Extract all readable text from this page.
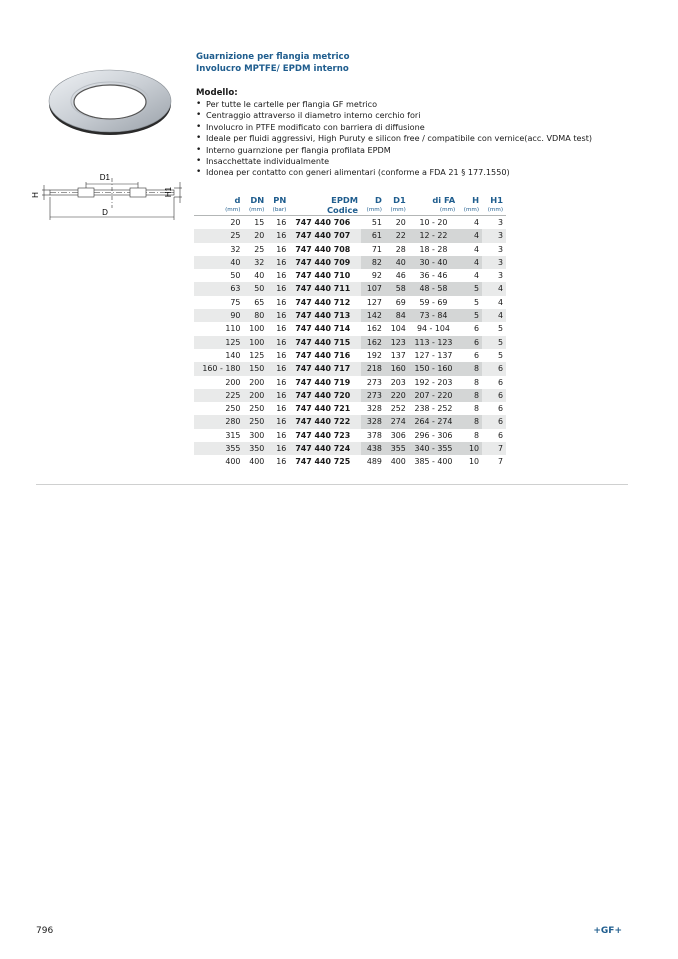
H	H1
D1
D
Guarnizione per flangia metrico
Involucro MPTFE/ EPDM interno
Modello:
• Per tutte le cartelle per flangia GF metrico
• Centraggio attraverso il diametro interno cerchio fori
• Involucro in PTFE modificato con barriera di diffusione
• Ideale per fluidi aggressivi, High Puruty e silicon free / compatibile con vernice(acc. VDMA test)
• Interno guarnzione per flangia profilata EPDM
• Insacchettate individualmente
• Idonea per contatto con generi alimentari (conforme a FDA 21 § 177.1550)
d	DN	PN	EPDM	D	D1	di FA	H	H1
(mm)	(mm)	(bar)	Codice	(mm)	(mm)	(mm)	(mm)	(mm)
20	15	16	747 440 706	51	20	10 - 20	4	3
25	20	16	747 440 707	61	22	12 - 22	4	3
32	25	16	747 440 708	71	28	18 - 28	4	3
40	32	16	747 440 709	82	40	30 - 40	4	3
50	40	16	747 440 710	92	46	36 - 46	4	3
63	50	16	747 440 711	107	58	48 - 58	5	4
75	65	16	747 440 712	127	69	59 - 69	5	4
90	80	16	747 440 713	142	84	73 - 84	5	4
110	100	16	747 440 714	162	104	94 - 104	6	5
125	100	16	747 440 715	162	123	113 - 123	6	5
140	125	16	747 440 716	192	137	127 - 137	6	5
160 - 180	150	16	747 440 717	218	160	150 - 160	8	6
200	200	16	747 440 719	273	203	192 - 203	8	6
225	200	16	747 440 720	273	220	207 - 220	8	6
250	250	16	747 440 721	328	252	238 - 252	8	6
280	250	16	747 440 722	328	274	264 - 274	8	6
315	300	16	747 440 723	378	306	296 - 306	8	6
355	350	16	747 440 724	438	355	340 - 355	10	7
400	400	16	747 440 725	489	400	385 - 400	10	7
796	+GF+
